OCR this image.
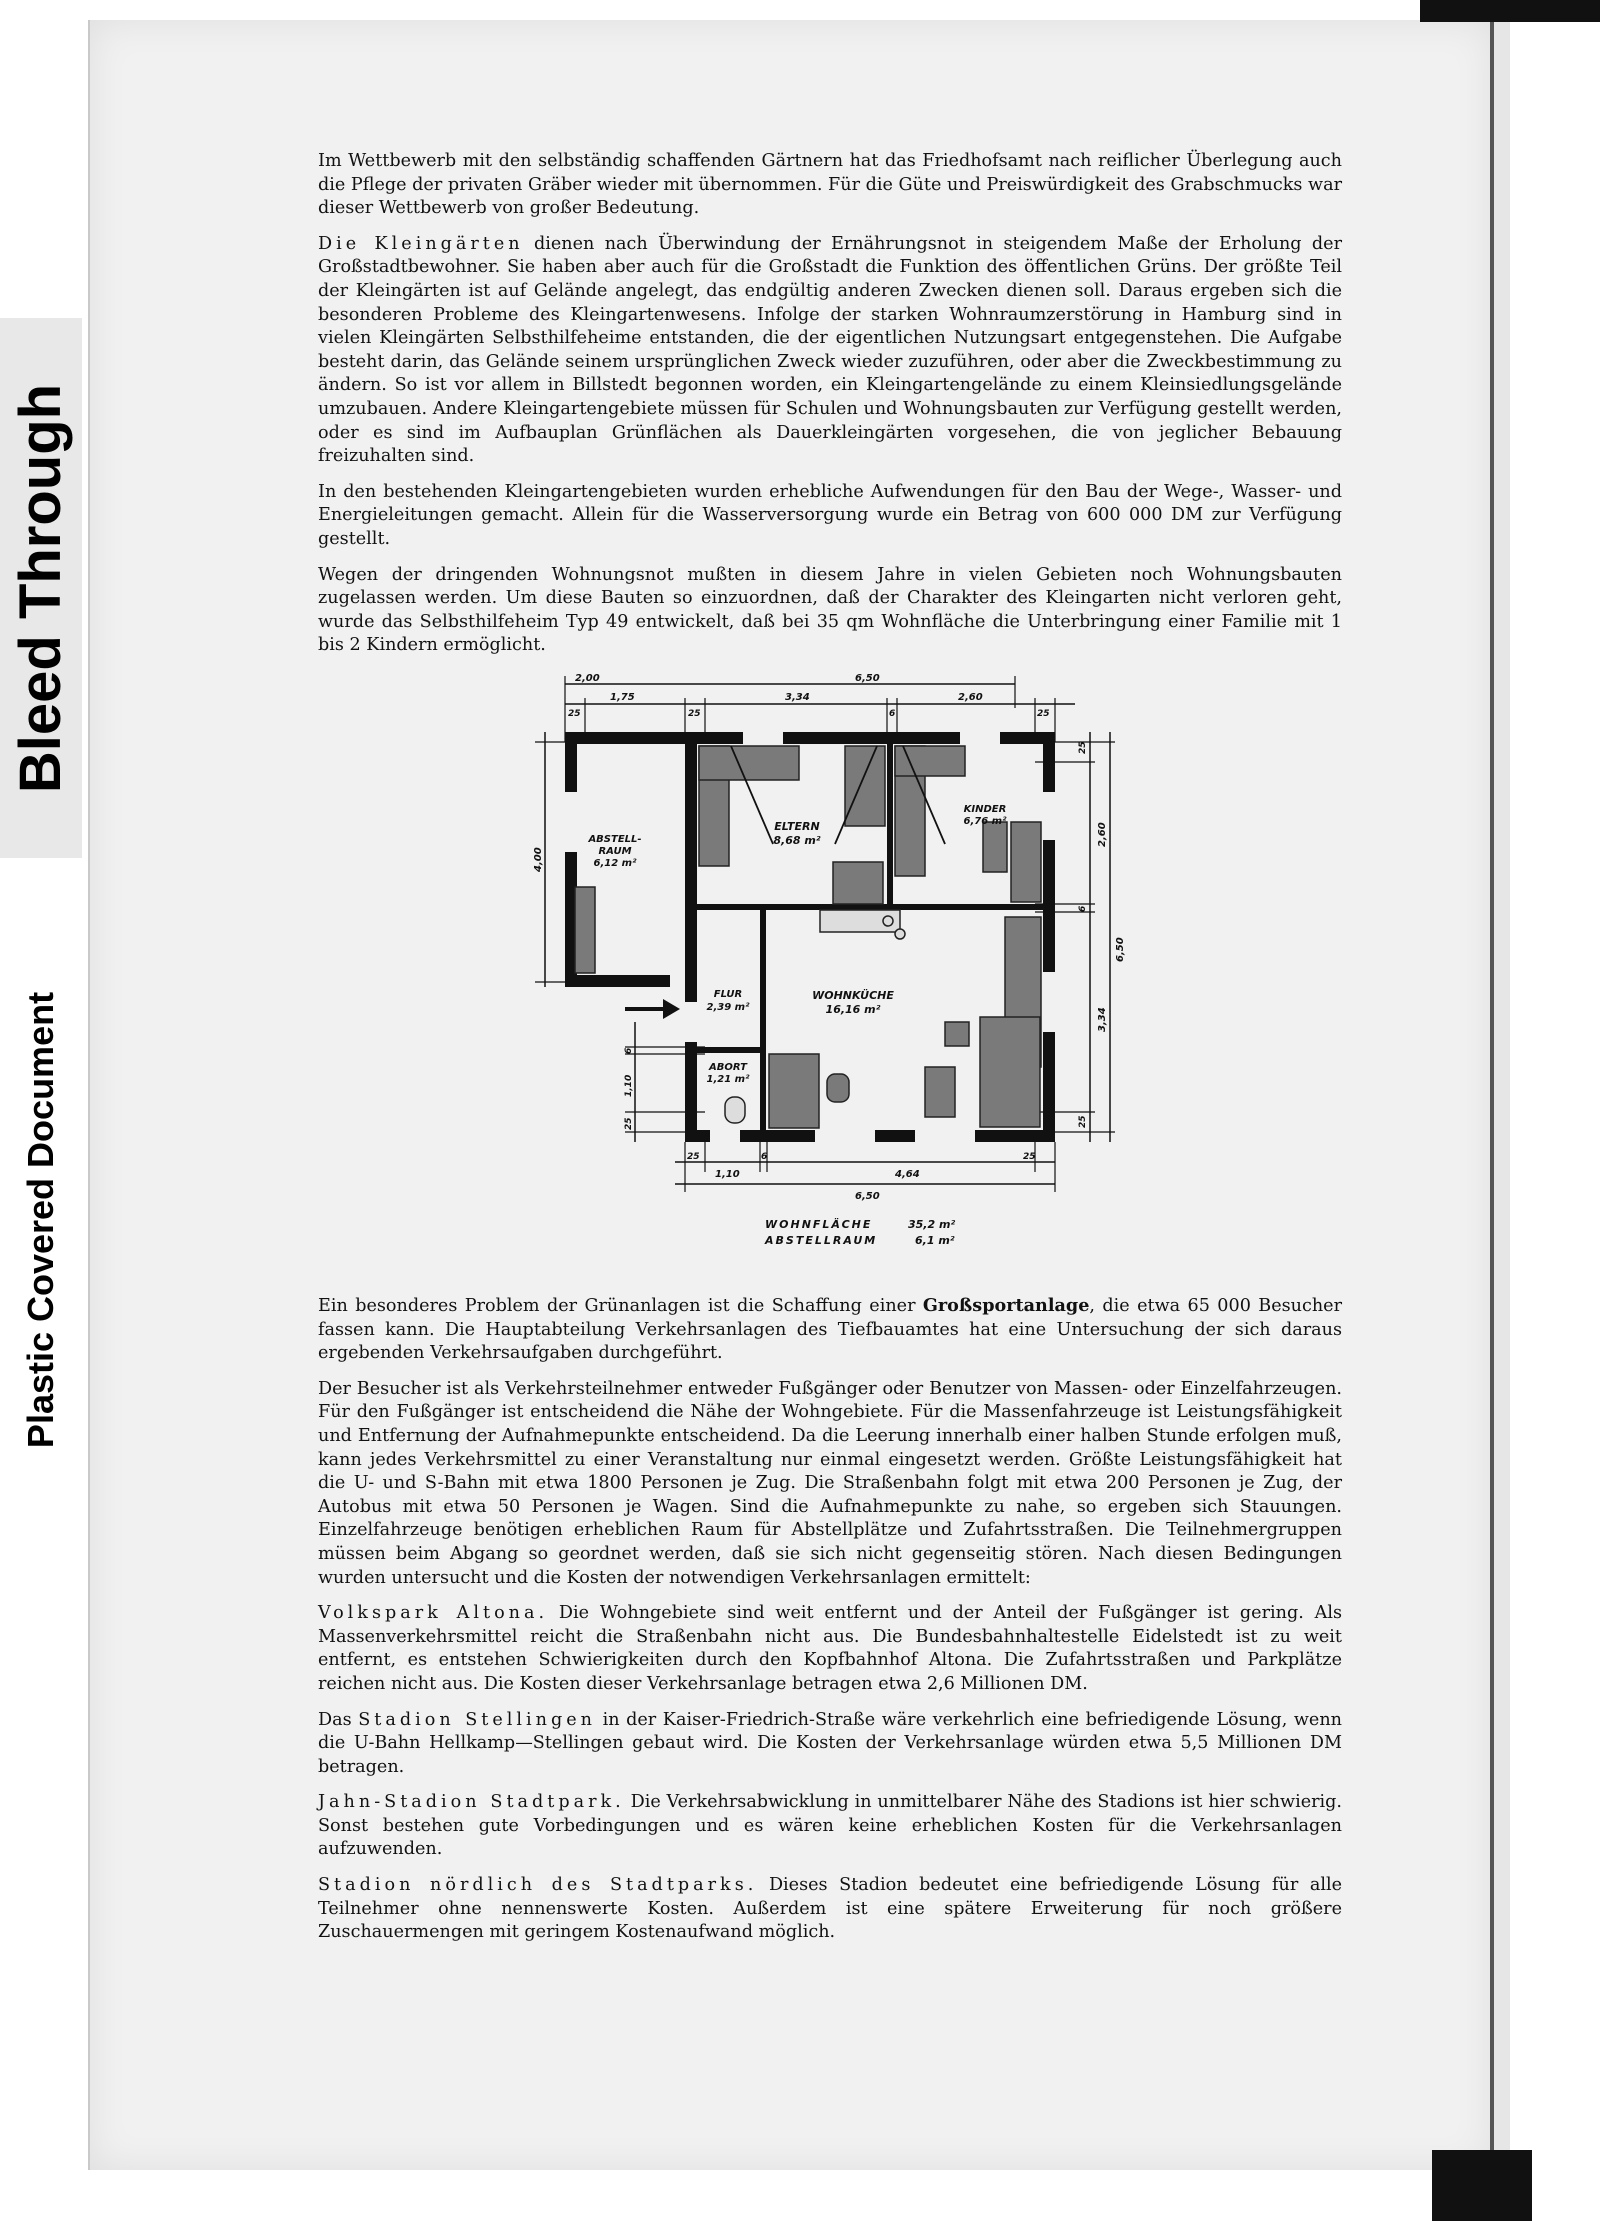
Bleed Through
Plastic Covered Document

Im Wettbewerb mit den selbständig schaffenden Gärtnern hat das Friedhofsamt nach reiflicher Überlegung auch die Pflege der privaten Gräber wieder mit übernommen. Für die Güte und Preiswürdigkeit des Grabschmucks war dieser Wettbewerb von großer Bedeutung.

Die Kleingärten dienen nach Überwindung der Ernährungsnot in steigendem Maße der Erholung der Großstadtbewohner. Sie haben aber auch für die Großstadt die Funktion des öffentlichen Grüns. Der größte Teil der Kleingärten ist auf Gelände angelegt, das endgültig anderen Zwecken dienen soll. Daraus ergeben sich die besonderen Probleme des Kleingartenwesens. Infolge der starken Wohnraumzerstörung in Hamburg sind in vielen Kleingärten Selbsthilfeheime entstanden, die der eigentlichen Nutzungsart entgegenstehen. Die Aufgabe besteht darin, das Gelände seinem ursprünglichen Zweck wieder zuzuführen, oder aber die Zweckbestimmung zu ändern. So ist vor allem in Billstedt begonnen worden, ein Kleingartengelände zu einem Kleinsiedlungsgelände umzubauen. Andere Kleingartengebiete müssen für Schulen und Wohnungsbauten zur Verfügung gestellt werden, oder es sind im Aufbauplan Grünflächen als Dauerkleingärten vorgesehen, die von jeglicher Bebauung freizuhalten sind.

In den bestehenden Kleingartengebieten wurden erhebliche Aufwendungen für den Bau der Wege-, Wasser- und Energieleitungen gemacht. Allein für die Wasserversorgung wurde ein Betrag von 600 000 DM zur Verfügung gestellt.

Wegen der dringenden Wohnungsnot mußten in diesem Jahre in vielen Gebieten noch Wohnungsbauten zugelassen werden. Um diese Bauten so einzuordnen, daß der Charakter des Kleingarten nicht verloren geht, wurde das Selbsthilfeheim Typ 49 entwickelt, daß bei 35 qm Wohnfläche die Unterbringung einer Familie mit 1 bis 2 Kindern ermöglicht.

ABSTELL-
RAUM
6,12 m²
ELTERN
8,68 m²
KINDER
6,76 m²
FLUR
2,39 m²
ABORT
1,21 m²
WOHNKÜCHE
16,16 m²
2,00	6,50
25
1,75
25
3,34
6
2,60
25
25
2,60
6
3,34
25
6,50
4,00
6
1,10
25
25
1,10
6
4,64
25
6,50
WOHNFLÄCHE	35,2 m²
ABSTELLRAUM	6,1 m²

Ein besonderes Problem der Grünanlagen ist die Schaffung einer Großsportanlage, die etwa 65 000 Besucher fassen kann. Die Hauptabteilung Verkehrsanlagen des Tiefbauamtes hat eine Untersuchung der sich daraus ergebenden Verkehrsaufgaben durchgeführt.

Der Besucher ist als Verkehrsteilnehmer entweder Fußgänger oder Benutzer von Massen- oder Einzelfahrzeugen. Für den Fußgänger ist entscheidend die Nähe der Wohngebiete. Für die Massenfahrzeuge ist Leistungsfähigkeit und Entfernung der Aufnahmepunkte entscheidend. Da die Leerung innerhalb einer halben Stunde erfolgen muß, kann jedes Verkehrsmittel zu einer Veranstaltung nur einmal eingesetzt werden. Größte Leistungsfähigkeit hat die U- und S-Bahn mit etwa 1800 Personen je Zug. Die Straßenbahn folgt mit etwa 200 Personen je Zug, der Autobus mit etwa 50 Personen je Wagen. Sind die Aufnahmepunkte zu nahe, so ergeben sich Stauungen. Einzelfahrzeuge benötigen erheblichen Raum für Abstellplätze und Zufahrtsstraßen. Die Teilnehmergruppen müssen beim Abgang so geordnet werden, daß sie sich nicht gegenseitig stören. Nach diesen Bedingungen wurden untersucht und die Kosten der notwendigen Verkehrsanlagen ermittelt:

Volkspark Altona. Die Wohngebiete sind weit entfernt und der Anteil der Fußgänger ist gering. Als Massenverkehrsmittel reicht die Straßenbahn nicht aus. Die Bundesbahnhaltestelle Eidelstedt ist zu weit entfernt, es entstehen Schwierigkeiten durch den Kopfbahnhof Altona. Die Zufahrtsstraßen und Parkplätze reichen nicht aus. Die Kosten dieser Verkehrsanlage betragen etwa 2,6 Millionen DM.

Das Stadion Stellingen in der Kaiser-Friedrich-Straße wäre verkehrlich eine befriedigende Lösung, wenn die U-Bahn Hellkamp—Stellingen gebaut wird. Die Kosten der Verkehrsanlage würden etwa 5,5 Millionen DM betragen.

Jahn-Stadion Stadtpark. Die Verkehrsabwicklung in unmittelbarer Nähe des Stadions ist hier schwierig. Sonst bestehen gute Vorbedingungen und es wären keine erheblichen Kosten für die Verkehrsanlagen aufzuwenden.

Stadion nördlich des Stadtparks. Dieses Stadion bedeutet eine befriedigende Lösung für alle Teilnehmer ohne nennenswerte Kosten. Außerdem ist eine spätere Erweiterung für noch größere Zuschauermengen mit geringem Kostenaufwand möglich.
